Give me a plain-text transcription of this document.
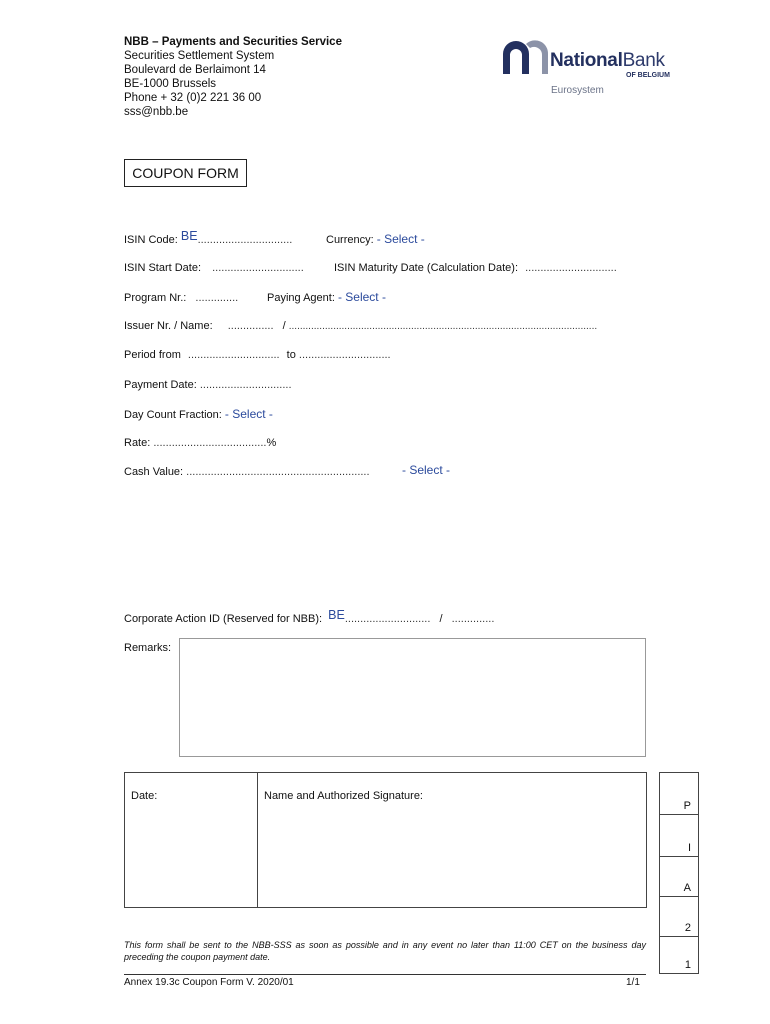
NBB – Payments and Securities Service
Securities Settlement System
Boulevard de Berlaimont 14
BE-1000 Brussels
Phone + 32 (0)2 221 36 00
sss@nbb.be
NationalBank
OF BELGIUM
Eurosystem
COUPON FORM
ISIN Code: BE...............................	Currency: - Select -
ISIN Start Date: ..............................	ISIN Maturity Date (Calculation Date): ..............................
Program Nr.: ..............	Paying Agent: - Select -
Issuer Nr. / Name: ............... / ...............................................................................................................
Period from .............................. to ..............................
Payment Date: ..............................
Day Count Fraction: - Select -
Rate: .....................................%
Cash Value: ............................................................	- Select -
Corporate Action ID (Reserved for NBB): BE............................ / ..............
Remarks:
Date:	Name and Authorized Signature:
P
I
A
2
1
This form shall be sent to the NBB-SSS as soon as possible and in any event no later than 11:00 CET on the business day preceding the coupon payment date.
Annex 19.3c Coupon Form V. 2020/01	1/1
